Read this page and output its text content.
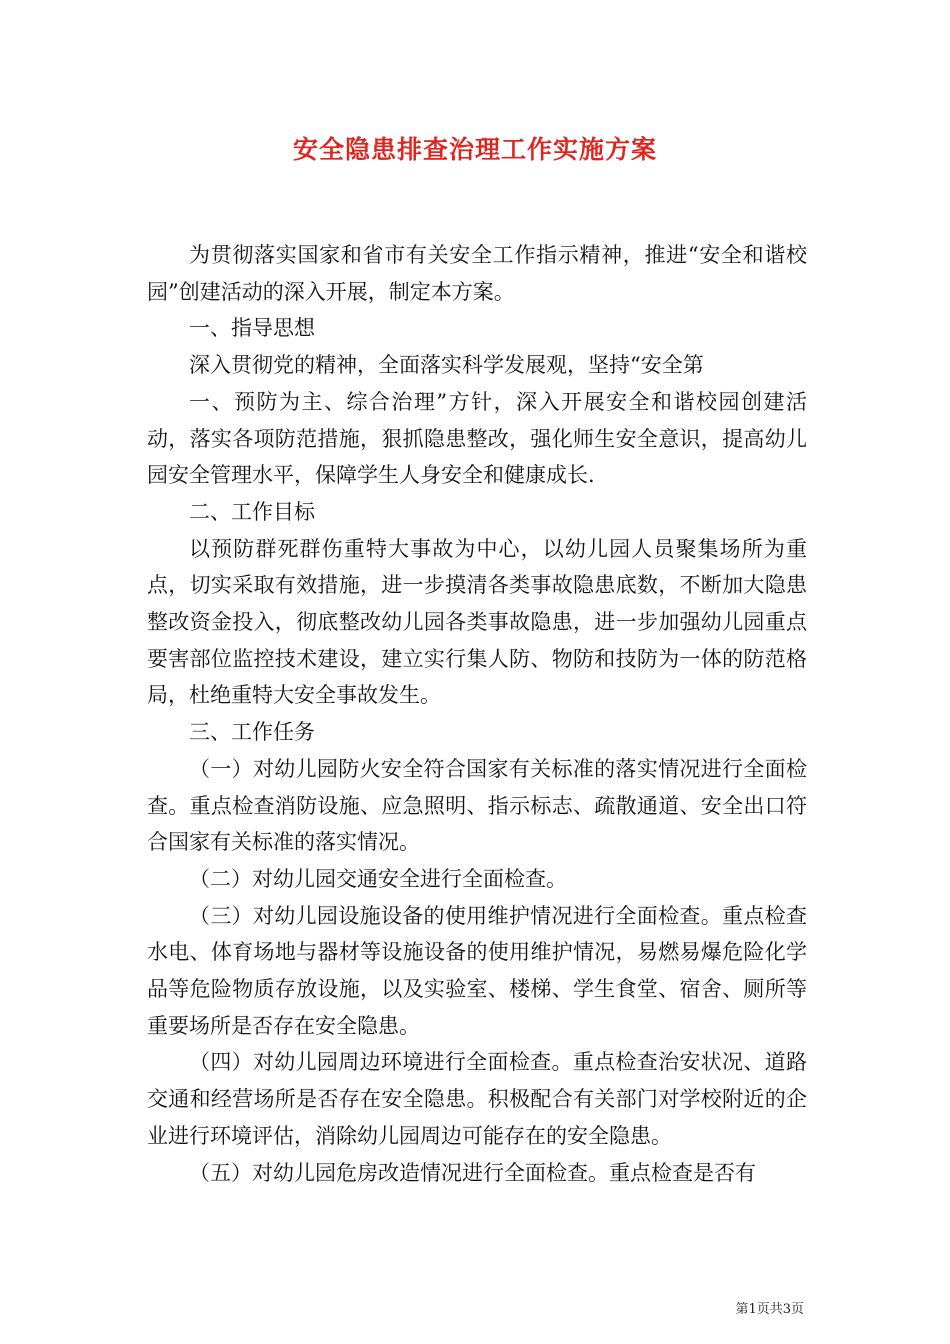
安全隐患排查治理工作实施方案

为贯彻落实国家和省市有关安全工作指示精神，推进“安全和谐校园”创建活动的深入开展，制定本方案。

一、指导思想

深入贯彻党的精神，全面落实科学发展观，坚持“安全第

一、预防为主、综合治理”方针，深入开展安全和谐校园创建活动，落实各项防范措施，狠抓隐患整改，强化师生安全意识，提高幼儿园安全管理水平，保障学生人身安全和健康成长.

二、工作目标

以预防群死群伤重特大事故为中心，以幼儿园人员聚集场所为重点，切实采取有效措施，进一步摸清各类事故隐患底数，不断加大隐患整改资金投入，彻底整改幼儿园各类事故隐患，进一步加强幼儿园重点要害部位监控技术建设，建立实行集人防、物防和技防为一体的防范格局，杜绝重特大安全事故发生。

三、工作任务

（一）对幼儿园防火安全符合国家有关标准的落实情况进行全面检查。重点检查消防设施、应急照明、指示标志、疏散通道、安全出口符合国家有关标准的落实情况。

（二）对幼儿园交通安全进行全面检查。

（三）对幼儿园设施设备的使用维护情况进行全面检查。重点检查水电、体育场地与器材等设施设备的使用维护情况，易燃易爆危险化学品等危险物质存放设施，以及实验室、楼梯、学生食堂、宿舍、厕所等重要场所是否存在安全隐患。

（四）对幼儿园周边环境进行全面检查。重点检查治安状况、道路交通和经营场所是否存在安全隐患。积极配合有关部门对学校附近的企业进行环境评估，消除幼儿园周边可能存在的安全隐患。

（五）对幼儿园危房改造情况进行全面检查。重点检查是否有

第1页共3页
